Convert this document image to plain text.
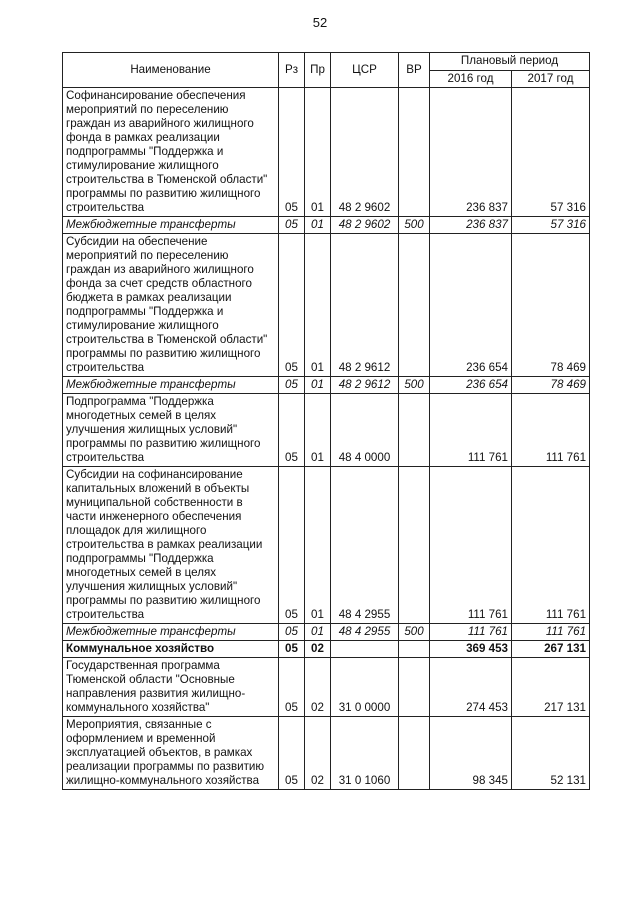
52
Наименование	Рз	Пр	ЦСР	ВР	Плановый период	
					2016 год	2017 год
Софинансирование обеспечения мероприятий по переселению граждан из аварийного жилищного фонда в рамках реализации подпрограммы "Поддержка и стимулирование жилищного строительства в Тюменской области" программы по развитию жилищного строительства	05	01	48 2 9602		236 837	57 316
Межбюджетные трансферты	05	01	48 2 9602	500	236 837	57 316
Субсидии на обеспечение мероприятий по переселению граждан из аварийного жилищного фонда за счет средств областного бюджета в рамках реализации подпрограммы "Поддержка и стимулирование жилищного строительства в Тюменской области" программы по развитию жилищного строительства	05	01	48 2 9612		236 654	78 469
Межбюджетные трансферты	05	01	48 2 9612	500	236 654	78 469
Подпрограмма "Поддержка многодетных семей в целях улучшения жилищных условий" программы по развитию жилищного строительства	05	01	48 4 0000		111 761	111 761
Субсидии на софинансирование капитальных вложений в объекты муниципальной собственности в части инженерного обеспечения площадок для жилищного строительства в рамках реализации подпрограммы "Поддержка многодетных семей в целях улучшения жилищных условий" программы по развитию жилищного строительства	05	01	48 4 2955		111 761	111 761
Межбюджетные трансферты	05	01	48 4 2955	500	111 761	111 761
Коммунальное хозяйство	05	02			369 453	267 131
Государственная программа Тюменской области "Основные направления развития жилищно-коммунального хозяйства"	05	02	31 0 0000		274 453	217 131
Мероприятия, связанные с оформлением и временной эксплуатацией объектов, в рамках реализации программы по развитию жилищно-коммунального хозяйства	05	02	31 0 1060		98 345	52 131
